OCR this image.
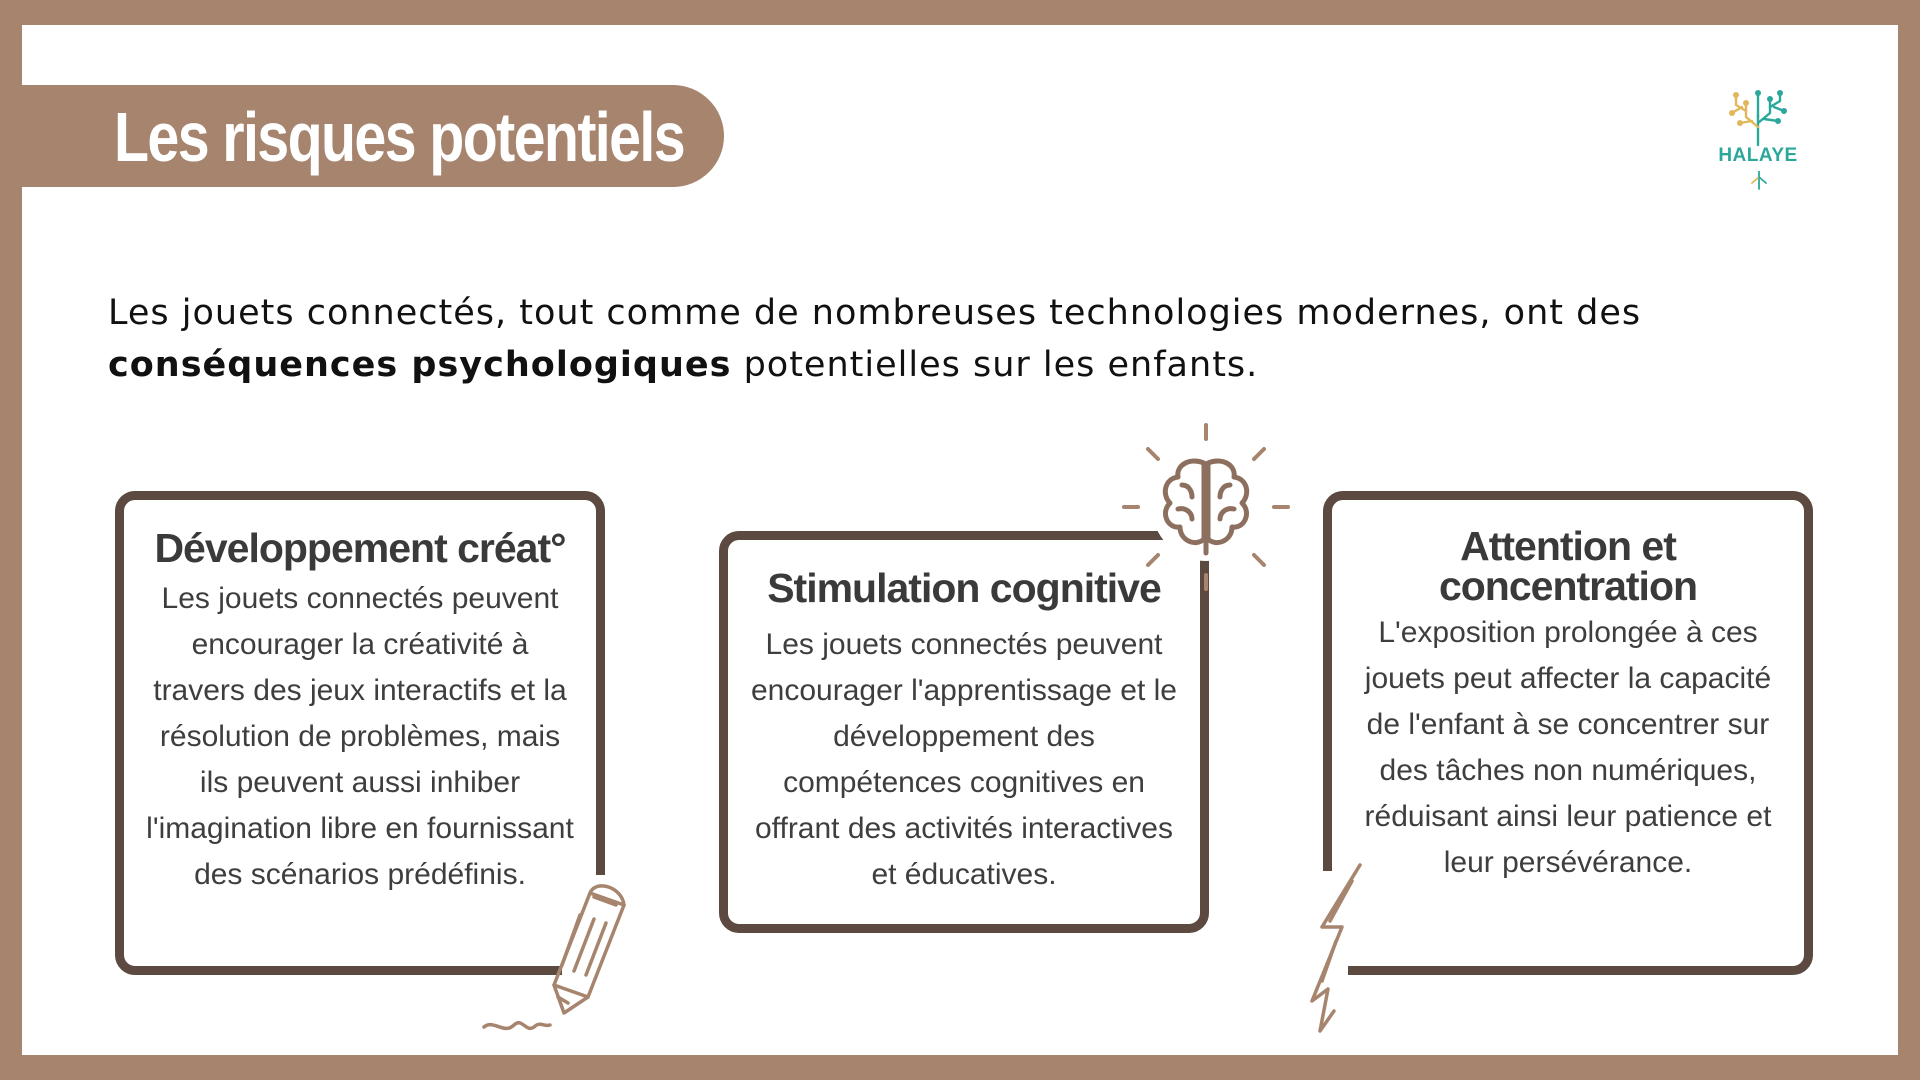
Les risques potentiels	HALAYE

Les jouets connectés, tout comme de nombreuses technologies modernes, ont des conséquences psychologiques potentielles sur les enfants.

Développement créat°

Les jouets connectés peuvent encourager la créativité à travers des jeux interactifs et la résolution de problèmes, mais ils peuvent aussi inhiber l'imagination libre en fournissant des scénarios prédéfinis.

Stimulation cognitive

Les jouets connectés peuvent encourager l'apprentissage et le développement des compétences cognitives en offrant des activités interactives et éducatives.

Attention et concentration

L'exposition prolongée à ces jouets peut affecter la capacité de l'enfant à se concentrer sur des tâches non numériques, réduisant ainsi leur patience et leur persévérance.
